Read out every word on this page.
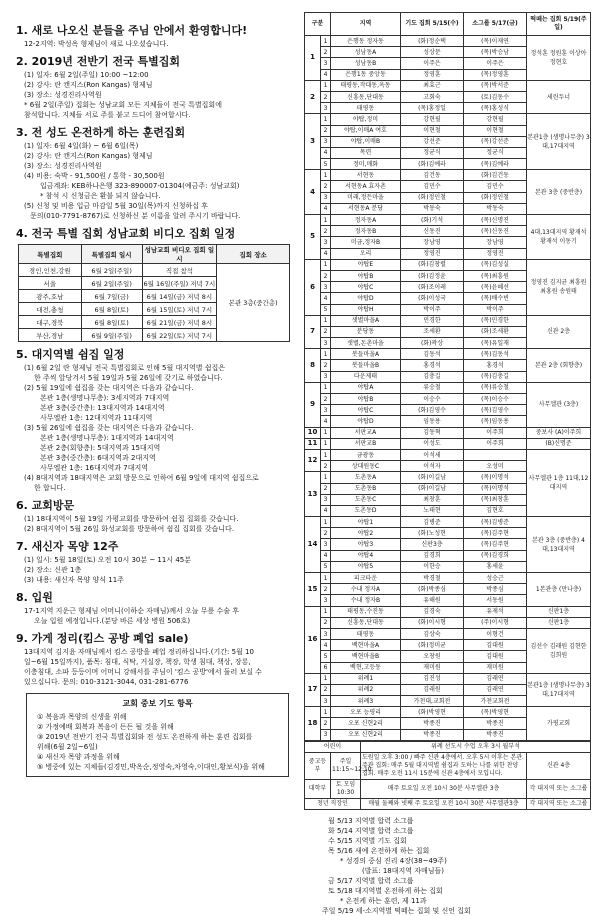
1. 새로 나오신 분들을 주님 안에서 환영합니다!
12-2지역: 박성옥 형제님이 새로 나오셨습니다.
2. 2019년 전반기 전국 특별집회
(1) 일자: 6월 2일(주일) 10:00 ~12:00
(2) 강사: 란 캔지스(Ron Kangas) 형제님
(3) 장소: 성경진리사역원
* 6월 2일(주일) 집회는 성남교회 모든 지체들이 전국 특별집회에
참석합니다. 지체들 서로 주를 붙고 드디어 참여합시다.
3. 전 성도 온전하게 하는 훈련집회
(1) 일자: 6월 4일(화) ~ 6월 6일(목)
(2) 강사: 란 캔지스(Ron Kangas) 형제님
(3) 장소: 성경진리사역원
(4) 비용: 숙박 - 91,500원 / 통학 - 30,500원
입금계좌: KEB하나은행 323-890007-01304(예금주: 성남교회)
* 참석 시 신청금은 환불 되지 않습니다.
(5) 신청 및 비용 입금 마감일 5월 30일(목)까지 신청하십 후
문의(010-7791-8767)로 신청하신 분 이름을 알려 주시기 바랍니다.
4. 전국 특별 집회 성남교회 비디오 집회 일정
특별집회	특별집회 일시	성남교회 비디오 집회 일시	집회 장소
경인,인천,강원	6월 2일(주일)	직접 참석	본관 3층(중간층)
서울	6월 2일(주일)	6월 16일(주일) 저녁 7시	
광주,호남	6월 7일(금)	6월 14일(금) 저녁 8시	
대전,충청	6월 8일(토)	6월 15일(토) 저녁 7시	
대구,경북	6월 8일(토)	6월 21일(금) 저녁 8시	
부산,경남	6월 9일(주일)	6월 22일(토) 저녁 7시	
5. 대지역별 쉼집 일정
(1) 6월 2일 란 형제님 전국 특별집회로 인해 5월 대지역별 쉼집은
한 주씩 앞당겨서 5월 19일과 5월 26일에 갖기로 하였습니다.
(2) 5월 19일에 쉼집을 갖는 대지역은 다음과 같습니다.
본관 1층(생명나무층): 3세지역과 7대지역
본관 3층(중간층): 13대지역과 14대지역
사무엘관 1층: 12대지역과 11대지역
(3) 5월 26일에 쉼집을 갖는 대지역은 다음과 같습니다.
본관 1층(생명나무층): 1대지역과 14대지역
본관 2층(회향층): 5대지역과 15대지역
본관 3층(중간층): 6대지역과 2대지역
사무엘관 1층: 16대지역과 7대지역
(4) 8대지역과 18대지역은 교회 방문으로 인하여 6월 9일에 대지역 쉼집으로
한 합니다.
6. 교회방문
(1) 18대지역이 5월 19일 가평교회를 방문하여 쉼집 집회를 갖습니다.
(2) 8대지역이 5월 26일 화성교회를 방문하여 쉼집 집회를 갖습니다.
7. 새신자 목양 12주
(1) 일시: 5월 18일(토) 오전 10시 30분 ~ 11시 45분
(2) 장소: 신관 1층
(3) 내용: 새신자 목양 양식 11주
8. 입원
17-1지역 지운근 형제님 어머니(이하순 자매님)께서 오늘 무릎 수술 후
오늘 입원 예정입니다.(분당 바른 세상 병원 506호)
9. 가게 정리(킴스 공방 폐업 sale)
13대지역 김지윤 자매님께서 킴스 공방을 폐업 정리하십니다.(기간: 5월 10
일~6월 15일까지), 품목: 침대, 식탁, 거실장, 책장, 학생 침대, 책상, 장롱,
이층침대, 소파 등등이며 어머니 강해서를 주님이 '킴스 공방'에서 둘러 보실 수
있으십니다. 문의: 010-3121-3044, 031-281-6776
교회 중보 기도 항목
① 복음과 목양의 신생을 위해
② 가정예배 회복과 복음이 든든 될 것을 위해
③ 2019년 전반기 전국 특별집회와 전 성도 온전하게 하는 훈련 집회를
위해(6월 2일~6일)
④ 새신자 목양 과정을 위해
⑤ 병중에 있는 지체들(김경민,박옥순,정영숙,차영숙,이대인,황보식)을 위해
구분		지역	기도 집회 5/15(수)	소그룹 5/17(금)	떡떼는 집회 5/19(주일)
1	1	은행동 정자동	(화)정순택	(목)이재연	정석훈 정원훈 이상아 정현호
	2	성남동A	성상문	(목)박승남	
	3	성남동B	이주은	이주은	
	4	은행1동 중앙동	정영훈	(목)정영훈	
2	1	태평동,작대동,옥동	최효근	(목)박서준	세린두너
	2	신흥동,단대동	고회숙	(토)김동수	
	3	태평동	(목)홍정일	(목)홍성식	
3	1	야탑,정미	강현필	강현필	본관1층 (생명나무층) 3대,17대지역
	2	야탑,이매A 여호	이현철	이현철	
	3	야탑,이매B	강선준	(목)강선준	
	4	목련	정균식	정균식	
	5	정미,매화	(화)김예라	(목)김예라	
4	1	서현동	김건동	(화)김건동	본관 3층 (중반층)
	2	서현동A 효자촌	김민수	김민수	
	3	미래,정든마을	(화)정인철	(화)정인철	
	4	서현동A 분당	박동숙	박동숙	
5	1	정자동A	(화)기석	(목)신명진	4대,13대지역 황재석 황재석 이동기
	2	정자동B	신동진	(목)신동진	
	3	미금,정자B	장남영	장남영	
	4	오리	정영진	정영진	
6	1	야탑E	(화)김창렬	(목)김성실	정영진 김지균 최흥원 최홍원 송원태
	2	야탑B	(화)김정윤	(목)최흥원	
	3	야탑C	(화)조이레	(목)윤혜선	
	4	야탑D	(화)이성국	(목)배수빈	
	5	야탑H	박이주	박이주	
7	1	샛별마을A	민경한	(목)민경한	신관 2층
	2	분당동	조세환	(화)조세환	
	3	샛별,돈촌마을	(화)곽상	(목)유일재	
8	1	봇들마을A	김동석	(목)김동석	본관 2층 (회향층)
	2	봇들마을B	홍경석	홍경석	
	3	다운제태	김충길	(목)김충길	
9	1	야탑A	류승철	(목)류승철	사무엘관 (3층)
	2	야탑B	이승수	(목)이승수	
	3	야탑C	(화)김영수	(목)김영수	
	4	야탑D	임동용	(목)임동용	
10	1	서판교A	김동혁	이주희	중보사 (A)이주희
11	1	서판교B	이성도	이주희	(B)신명준
12	1	금광동	이석세		사무엘관 1층 11대,12대지역
	2	상대원동C	이석자	오성미	
13	1	도촌동A	(화)이길남	(목)이명석	
	2	도촌동B	(화)이길남	(목)이명석	
	3	도촌동C	최창훈	(목)최창훈	
	4	도촌동D	노태현	김현호	
14	1	야탑1	김병준	(목)김병준	본관 3층 (중반층) 4대,13대지역
	2	야탑2	(화)노성현	(목)김주현	
	3	야탑3	신판3층	(목)김주현	
	4	야탑4	김경희	(목)김경희	
	5	야탑5	이한승	홍세윤	
15	1	피크타운	박경철	성승근	1본관층 (만나층)
	2	수내 정자A	(화)박종심	박종심	
	3	수내 정자B	유해원	서동원	
16	1	태평동,수진동	김경숙	유제석	신판1층
	2	신흥동,단대동	(화)이시형	(주)이시형	신판1층
	3	태평동	김상숙	이형건	김선수 김래원 김현한 김희원
	4	백현마을A	(화)정미균	김대원	
	5	백현마을B	오창원	김대원	
	6	백현,고등동	재미원	재미원	
17	1	위례1	김진성	김래연	본관1층 (생명나무층) 3대,17대지역
	2	위례2	김래원	김래연	
	3	위례3	가천대,교회전	가천교회전	
18	1	오포 능평리	(화)박영현	(목)박영현	가평교회
	2	오포 신현2리	박종진	박종진	
	3	오포 신현2리	박종진	박종진	
어린이		위례 선도시 수업 오후 3시 월부석	
중고등부	주일 11:15~12:10	도원일 오후 3:00 / 빠주 신관 4층에서. 오후 5시 이후는 본관. 주관 집회: 매주 5월 대지역별 쉼집과 도하는 나를 위한 찬양 집회. 매주 오전 11시 15분에 신관 4층에서 모입니다.	신관 4층
대학부	토 모임 10:30	매주 토요일 오전 10시 30분 사무엘관 3층	각 대지역 또는 소그룹
청년 직장인		매월 둘째와 넷째 주 토요일 오전 10시 30분 사무엘관3층	각 대지역 또는 소그룹
월 5/13 지역별 합력 소그룹
화 5/14 지역별 합력 소그룹
수 5/15 지역별 기도 집회
목 5/16 새예 온전하게 하는 집회
* 성경의 중심 진리 4장(38~49주)
(발표: 18대지역 자매님들)
금 5/17 지역별 합력 소그룹
토 5/18 대지역별 온전하게 하는 집회
* 온전케 하는 훈련, 제 11과
주일 5/19 세-소지역별 떡떼는 집회 및 신언 집회
